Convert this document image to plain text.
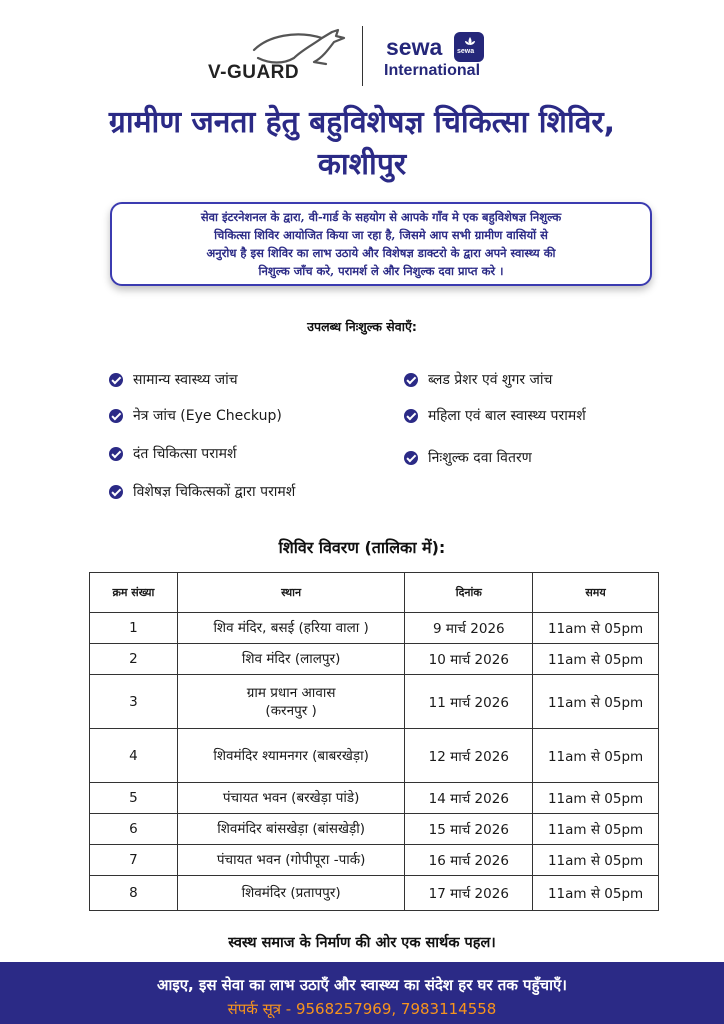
V-GUARD
sewa
International
sewa
ग्रामीण जनता हेतु बहुविशेषज्ञ चिकित्सा शिविर,
काशीपुर

सेवा इंटरनेशनल के द्वारा, वी-गार्ड के सहयोग से आपके गाँव मे एक बहुविशेषज्ञ निशुल्क
चिकित्सा शिविर आयोजित किया जा रहा है, जिसमे आप सभी ग्रामीण वासियों से
अनुरोध है इस शिविर का लाभ उठाये और विशेषज्ञ डाक्टरो के द्वारा अपने स्वास्थ्य की
निशुल्क जाँच करे, परामर्श ले और निशुल्क दवा प्राप्त करे ।

उपलब्ध निःशुल्क सेवाएँ:
सामान्य स्वास्थ्य जांच	ब्लड प्रेशर एवं शुगर जांच
नेत्र जांच (Eye Checkup)	महिला एवं बाल स्वास्थ्य परामर्श
दंत चिकित्सा परामर्श	निःशुल्क दवा वितरण
विशेषज्ञ चिकित्सकों द्वारा परामर्श
शिविर विवरण (तालिका में):
क्रम संख्या	स्थान	दिनांक	समय
1	शिव मंदिर, बसई (हरिया वाला )	9 मार्च 2026	11am से 05pm
2	शिव मंदिर (लालपुर)	10 मार्च 2026	11am से 05pm
3	ग्राम प्रधान आवास
(करनपुर )	11 मार्च 2026	11am से 05pm
4	शिवमंदिर श्यामनगर (बाबरखेड़ा)	12 मार्च 2026	11am से 05pm
5	पंचायत भवन (बरखेड़ा पांडे)	14 मार्च 2026	11am से 05pm
6	शिवमंदिर बांसखेड़ा (बांसखेड़ी)	15 मार्च 2026	11am से 05pm
7	पंचायत भवन (गोपीपूरा -पार्क)	16 मार्च 2026	11am से 05pm
8	शिवमंदिर (प्रतापपुर)	17 मार्च 2026	11am से 05pm
स्वस्थ समाज के निर्माण की ओर एक सार्थक पहल।
आइए, इस सेवा का लाभ उठाएँ और स्वास्थ्य का संदेश हर घर तक पहुँचाएँ।
संपर्क सूत्र - 9568257969, 7983114558
